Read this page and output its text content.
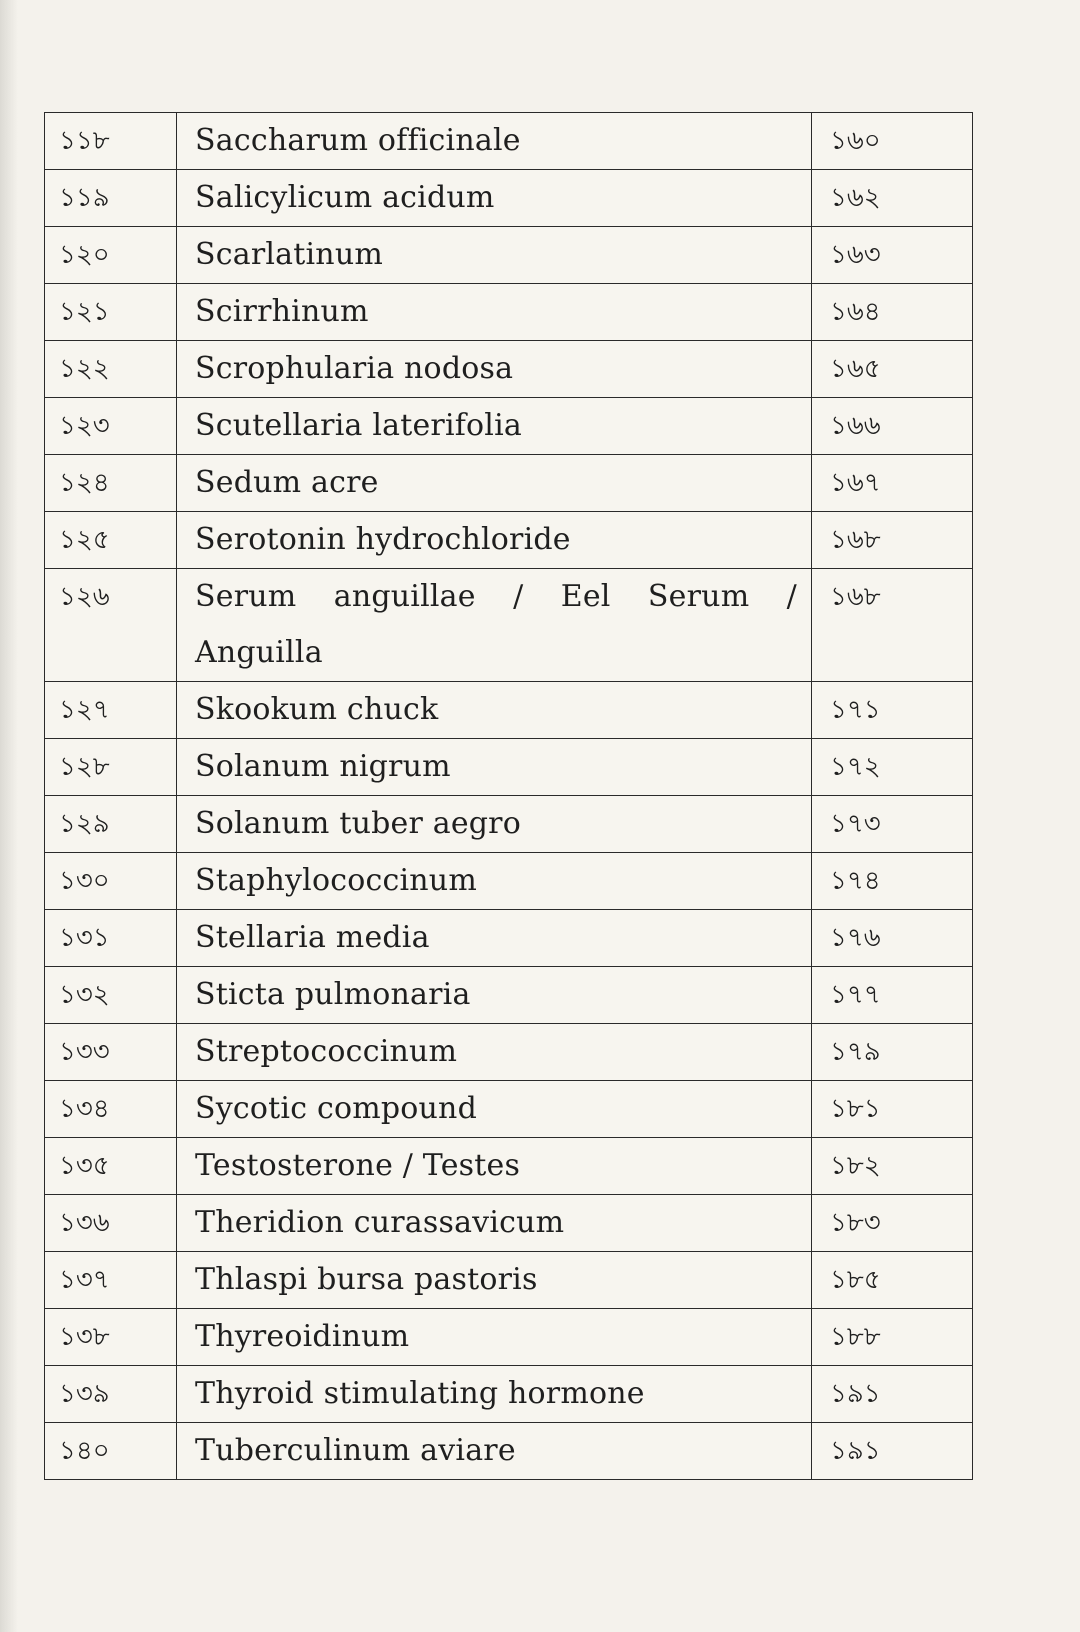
১১৮	Saccharum officinale	১৬০
১১৯	Salicylicum acidum	১৬২
১২০	Scarlatinum	১৬৩
১২১	Scirrhinum	১৬৪
১২২	Scrophularia nodosa	১৬৫
১২৩	Scutellaria laterifolia	১৬৬
১২৪	Sedum acre	১৬৭
১২৫	Serotonin hydrochloride	১৬৮
১২৬	Serum anguillae / Eel Serum / Anguilla	১৬৮
১২৭	Skookum chuck	১৭১
১২৮	Solanum nigrum	১৭২
১২৯	Solanum tuber aegro	১৭৩
১৩০	Staphylococcinum	১৭৪
১৩১	Stellaria media	১৭৬
১৩২	Sticta pulmonaria	১৭৭
১৩৩	Streptococcinum	১৭৯
১৩৪	Sycotic compound	১৮১
১৩৫	Testosterone / Testes	১৮২
১৩৬	Theridion curassavicum	১৮৩
১৩৭	Thlaspi bursa pastoris	১৮৫
১৩৮	Thyreoidinum	১৮৮
১৩৯	Thyroid stimulating hormone	১৯১
১৪০	Tuberculinum aviare	১৯১
